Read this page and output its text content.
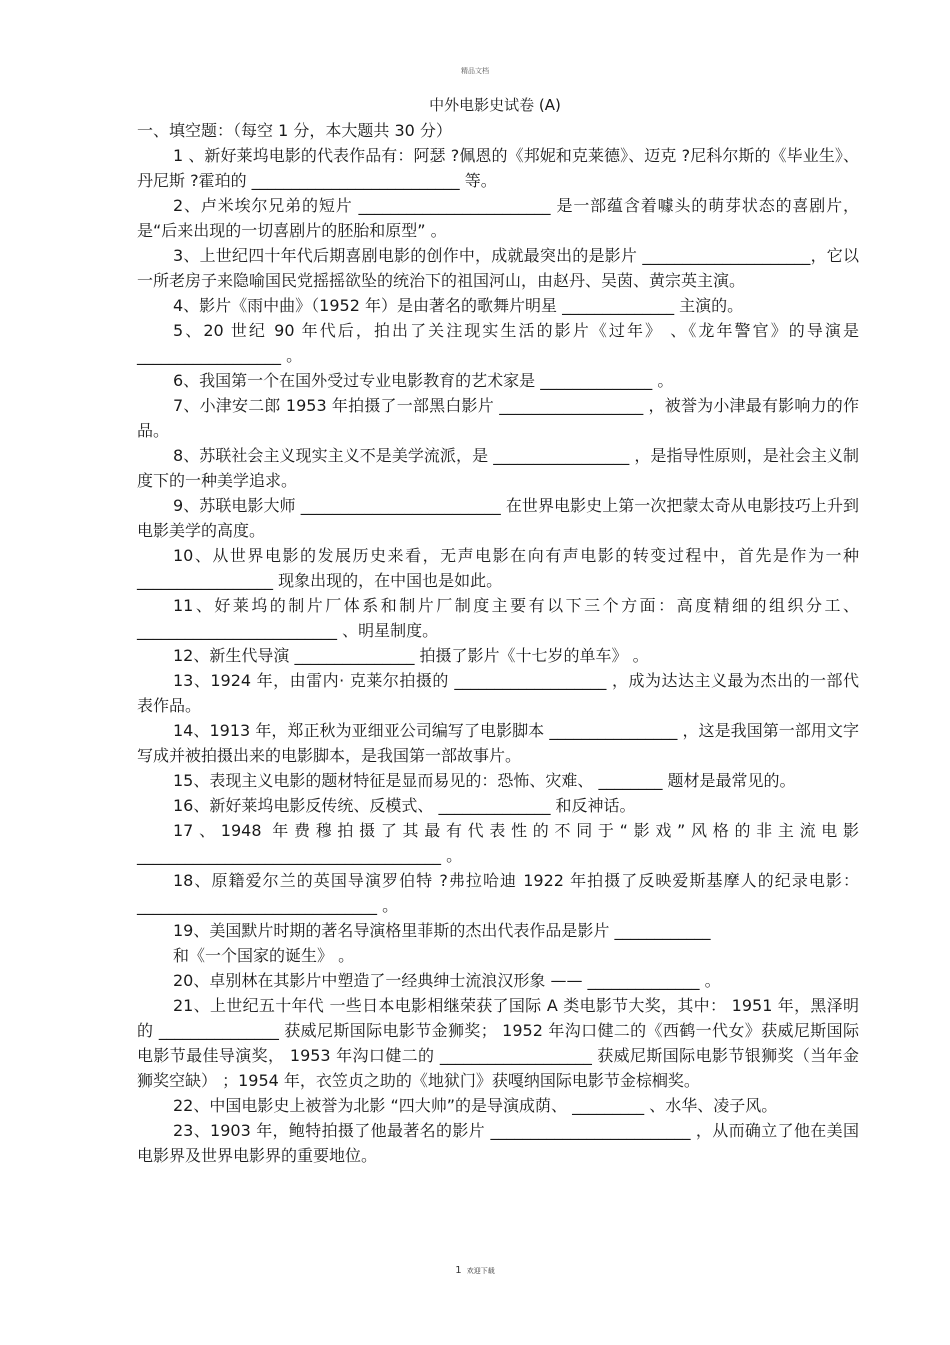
精品文档
中外电影史试卷 (A)

一、填空题：（每空 1 分，本大题共 30 分）

1 、新好莱坞电影的代表作品有：阿瑟 ?佩恩的《邦妮和克莱德》、迈克 ?尼科尔斯的《毕业生》、丹尼斯 ?霍珀的 __________________________ 等。

2、卢米埃尔兄弟的短片 ________________________ 是一部蕴含着噱头的萌芽状态的喜剧片，是“后来出现的一切喜剧片的胚胎和原型” 。

3、上世纪四十年代后期喜剧电影的创作中，成就最突出的是影片 _____________________，它以一所老房子来隐喻国民党摇摇欲坠的统治下的祖国河山，由赵丹、吴茵、黄宗英主演。

4、影片《雨中曲》（1952 年）是由著名的歌舞片明星 ______________ 主演的。

5、20 世纪 90 年代后，拍出了关注现实生活的影片《过年》 、《龙年警官》的导演是 __________________ 。

6、我国第一个在国外受过专业电影教育的艺术家是 ______________ 。

7、小津安二郎 1953 年拍摄了一部黑白影片 __________________ ，被誉为小津最有影响力的作品。

8、苏联社会主义现实主义不是美学流派，是 _________________ ，是指导性原则，是社会主义制度下的一种美学追求。

9、苏联电影大师 _________________________ 在世界电影史上第一次把蒙太奇从电影技巧上升到电影美学的高度。

10、从世界电影的发展历史来看，无声电影在向有声电影的转变过程中，首先是作为一种 _________________ 现象出现的，在中国也是如此。

11、好莱坞的制片厂体系和制片厂制度主要有以下三个方面：高度精细的组织分工、 _________________________ 、明星制度。

12、新生代导演 _______________ 拍摄了影片《十七岁的单车》 。

13、1924 年，由雷内· 克莱尔拍摄的 ___________________ ，成为达达主义最为杰出的一部代表作品。

14、1913 年，郑正秋为亚细亚公司编写了电影脚本 ________________ ，这是我国第一部用文字写成并被拍摄出来的电影脚本，是我国第一部故事片。

15、表现主义电影的题材特征是显而易见的：恐怖、灾难、 ________ 题材是最常见的。

16、新好莱坞电影反传统、反模式、 ______________ 和反神话。

17、1948 年费穆拍摄了其最有代表性的不同于“影戏”风格的非主流电影 ______________________________________ 。

18、原籍爱尔兰的英国导演罗伯特 ?弗拉哈迪 1922 年拍摄了反映爱斯基摩人的纪录电影： ______________________________ 。

19、美国默片时期的著名导演格里菲斯的杰出代表作品是影片 ____________

和《一个国家的诞生》 。

20、卓别林在其影片中塑造了一经典绅士流浪汉形象 —— ______________ 。

21、上世纪五十年代 一些日本电影相继荣获了国际 A 类电影节大奖，其中： 1951 年，黑泽明的 _______________ 获威尼斯国际电影节金狮奖； 1952 年沟口健二的《西鹤一代女》获威尼斯国际电影节最佳导演奖， 1953 年沟口健二的 ___________________ 获威尼斯国际电影节银狮奖（当年金狮奖空缺） ；1954 年，衣笠贞之助的《地狱门》获嘎纳国际电影节金棕榈奖。

22、中国电影史上被誉为北影 “四大帅”的是导演成荫、 _________ 、水华、凌子风。

23、1903 年，鲍特拍摄了他最著名的影片 _________________________ ，从而确立了他在美国电影界及世界电影界的重要地位。

1 欢迎下载
